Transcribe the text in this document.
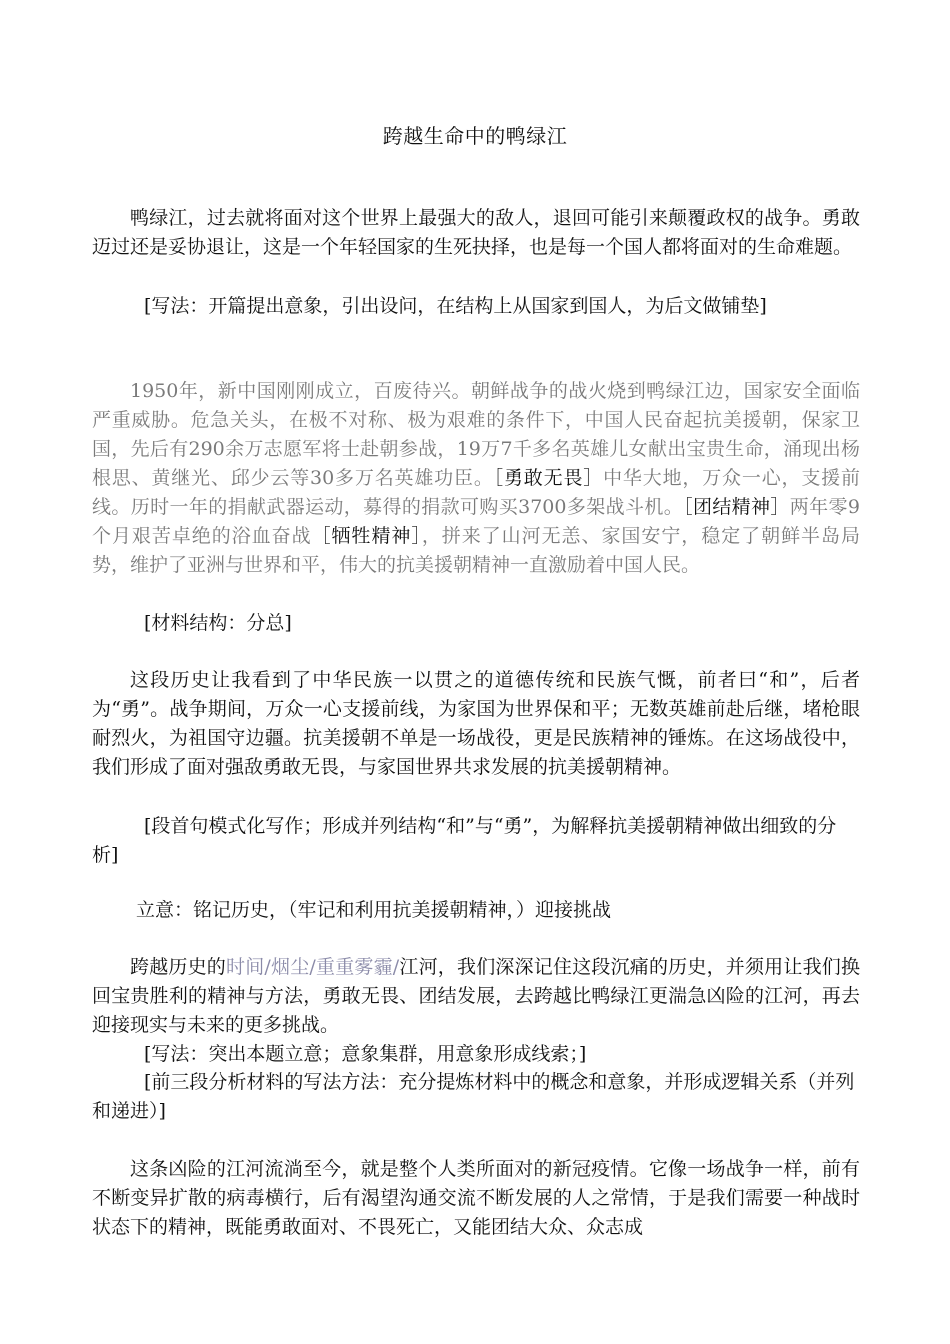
跨越生命中的鸭绿江

鸭绿江，过去就将面对这个世界上最强大的敌人，退回可能引来颠覆政权的战争。勇敢迈过还是妥协退让，这是一个年轻国家的生死抉择，也是每一个国人都将面对的生命难题。

[写法：开篇提出意象，引出设问，在结构上从国家到国人，为后文做铺垫]

1950年，新中国刚刚成立，百废待兴。朝鲜战争的战火烧到鸭绿江边，国家安全面临严重威胁。危急关头，在极不对称、极为艰难的条件下，中国人民奋起抗美援朝，保家卫国，先后有290余万志愿军将士赴朝参战，19万7千多名英雄儿女献出宝贵生命，涌现出杨根思、黄继光、邱少云等30多万名英雄功臣。［勇敢无畏］中华大地，万众一心，支援前线。历时一年的捐献武器运动，募得的捐款可购买3700多架战斗机。［团结精神］两年零9个月艰苦卓绝的浴血奋战［牺牲精神］，拼来了山河无恙、家国安宁，稳定了朝鲜半岛局势，维护了亚洲与世界和平，伟大的抗美援朝精神一直激励着中国人民。

[材料结构：分总]

这段历史让我看到了中华民族一以贯之的道德传统和民族气慨，前者曰“和”，后者为“勇”。战争期间，万众一心支援前线，为家国为世界保和平；无数英雄前赴后继，堵枪眼耐烈火，为祖国守边疆。抗美援朝不单是一场战役，更是民族精神的锤炼。在这场战役中，我们形成了面对强敌勇敢无畏，与家国世界共求发展的抗美援朝精神。

[段首句模式化写作；形成并列结构“和”与“勇”，为解释抗美援朝精神做出细致的分析]

立意：铭记历史，（牢记和利用抗美援朝精神，）迎接挑战

跨越历史的时间/烟尘/重重雾霾/江河，我们深深记住这段沉痛的历史，并须用让我们换回宝贵胜利的精神与方法，勇敢无畏、团结发展，去跨越比鸭绿江更湍急凶险的江河，再去迎接现实与未来的更多挑战。

[写法：突出本题立意；意象集群，用意象形成线索；]

[前三段分析材料的写法方法：充分提炼材料中的概念和意象，并形成逻辑关系（并列和递进）]

这条凶险的江河流淌至今，就是整个人类所面对的新冠疫情。它像一场战争一样，前有不断变异扩散的病毒横行，后有渴望沟通交流不断发展的人之常情，于是我们需要一种战时状态下的精神，既能勇敢面对、不畏死亡，又能团结大众、众志成
